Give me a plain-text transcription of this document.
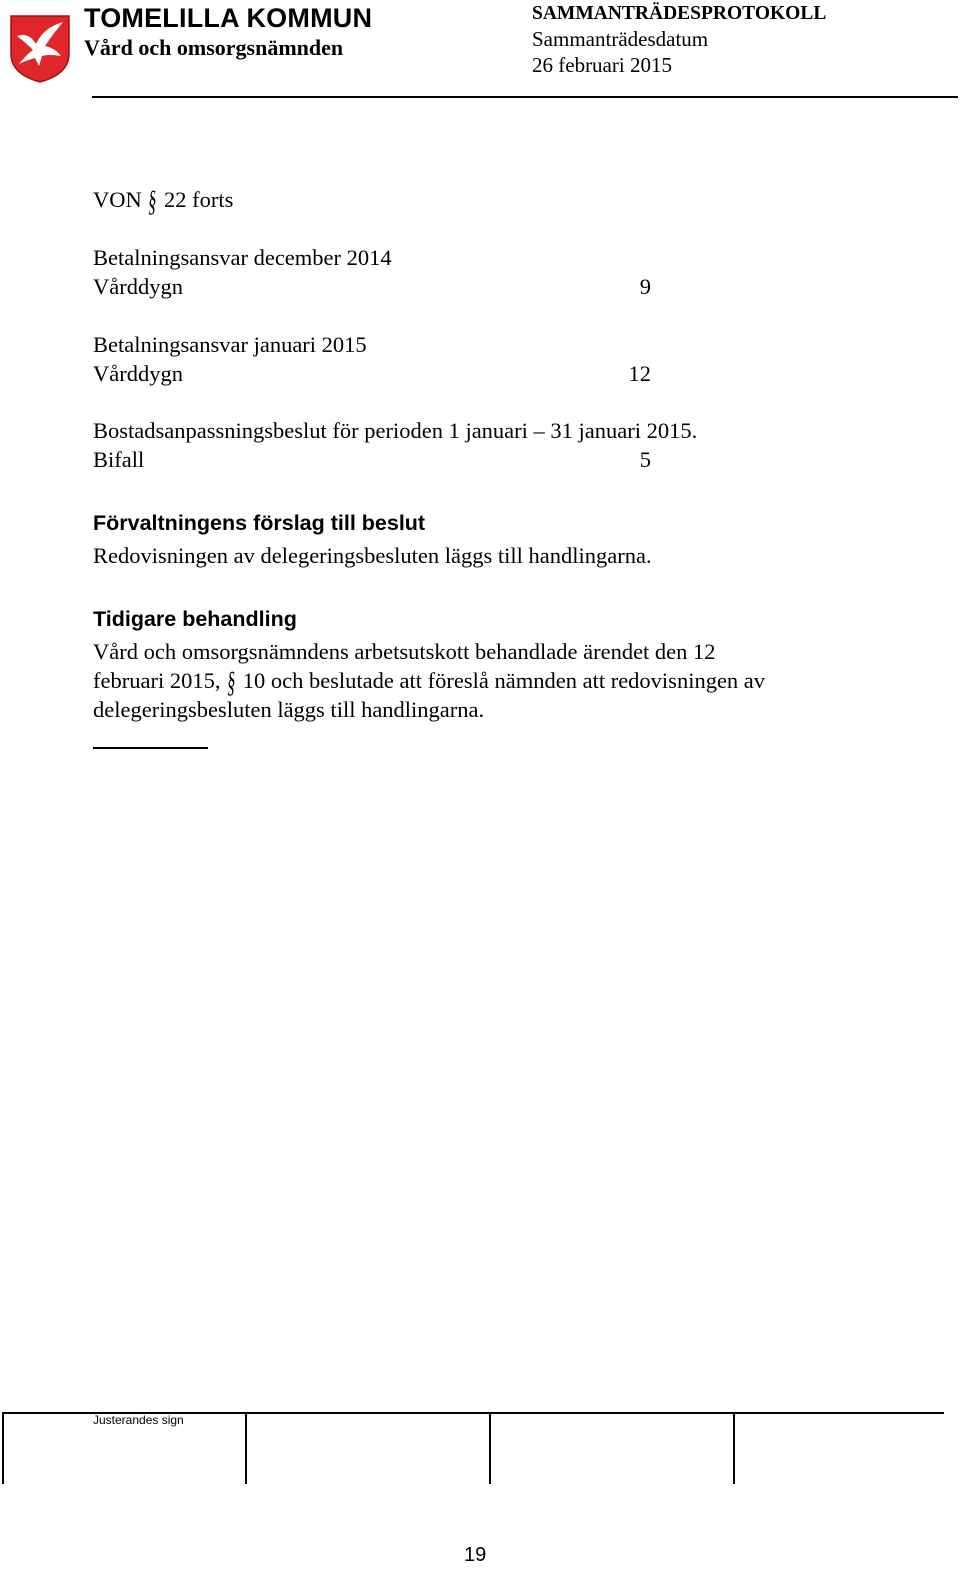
TOMELILLA KOMMUN
Vård och omsorgsnämnden
SAMMANTRÄDESPROTOKOLL
Sammanträdesdatum
26 februari 2015
VON § 22 forts
Betalningsansvar december 2014
Vårddygn	9
Betalningsansvar januari 2015
Vårddygn	12
Bostadsanpassningsbeslut för perioden 1 januari – 31 januari 2015.
Bifall	5
Förvaltningens förslag till beslut
Redovisningen av delegeringsbesluten läggs till handlingarna.
Tidigare behandling
Vård och omsorgsnämndens arbetsutskott behandlade ärendet den 12
februari 2015, § 10 och beslutade att föreslå nämnden att redovisningen av
delegeringsbesluten läggs till handlingarna.
Justerandes sign
19
